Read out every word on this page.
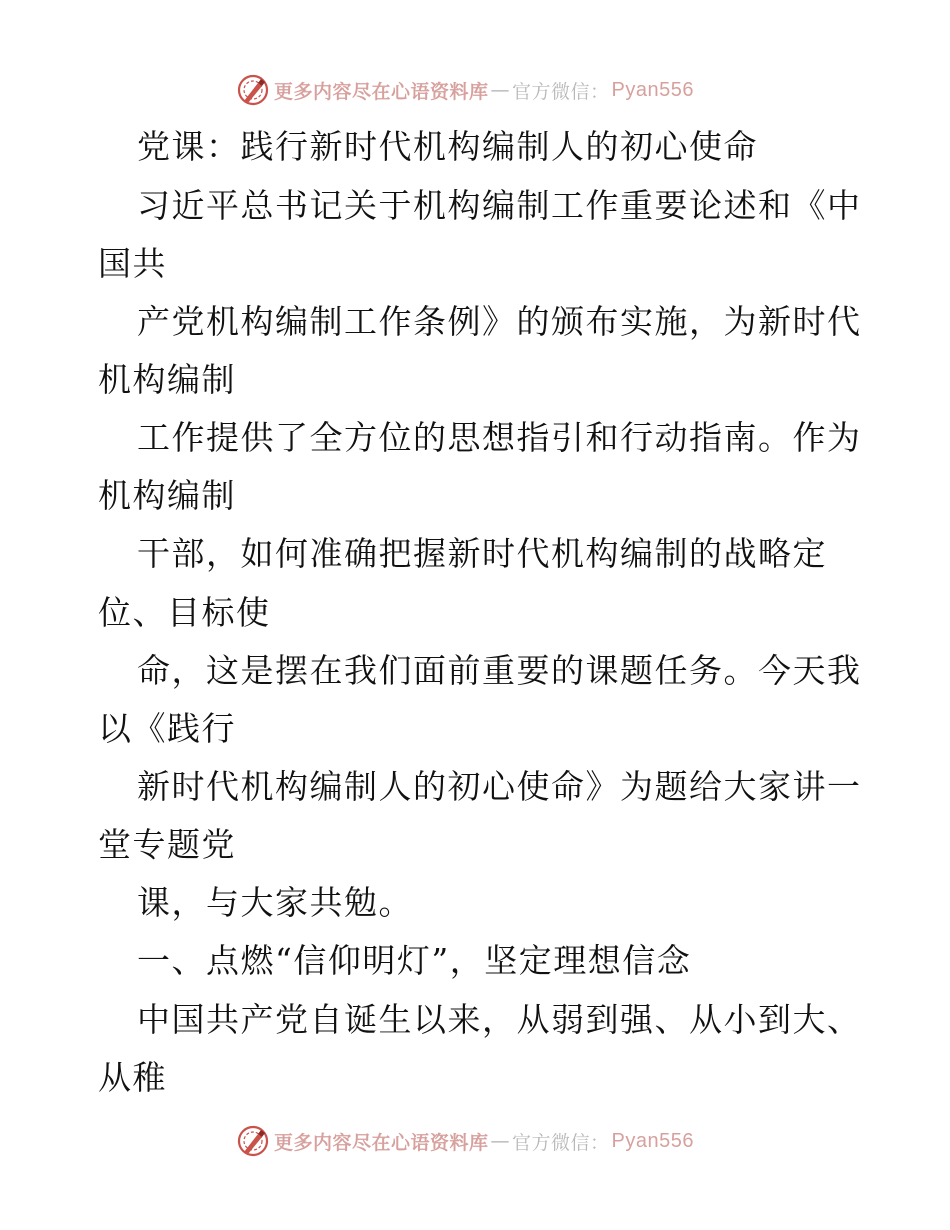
更多内容尽在心语资料库 — 官方微信： Pyan556
党课：践行新时代机构编制人的初心使命
习近平总书记关于机构编制工作重要论述和《中
国共
产党机构编制工作条例》的颁布实施，为新时代
机构编制
工作提供了全方位的思想指引和行动指南。作为
机构编制
干部，如何准确把握新时代机构编制的战略定
位、目标使
命，这是摆在我们面前重要的课题任务。今天我
以《践行
新时代机构编制人的初心使命》为题给大家讲一
堂专题党
课，与大家共勉。
一、点燃“信仰明灯”，坚定理想信念
中国共产党自诞生以来，从弱到强、从小到大、
从稚
更多内容尽在心语资料库 — 官方微信： Pyan556
